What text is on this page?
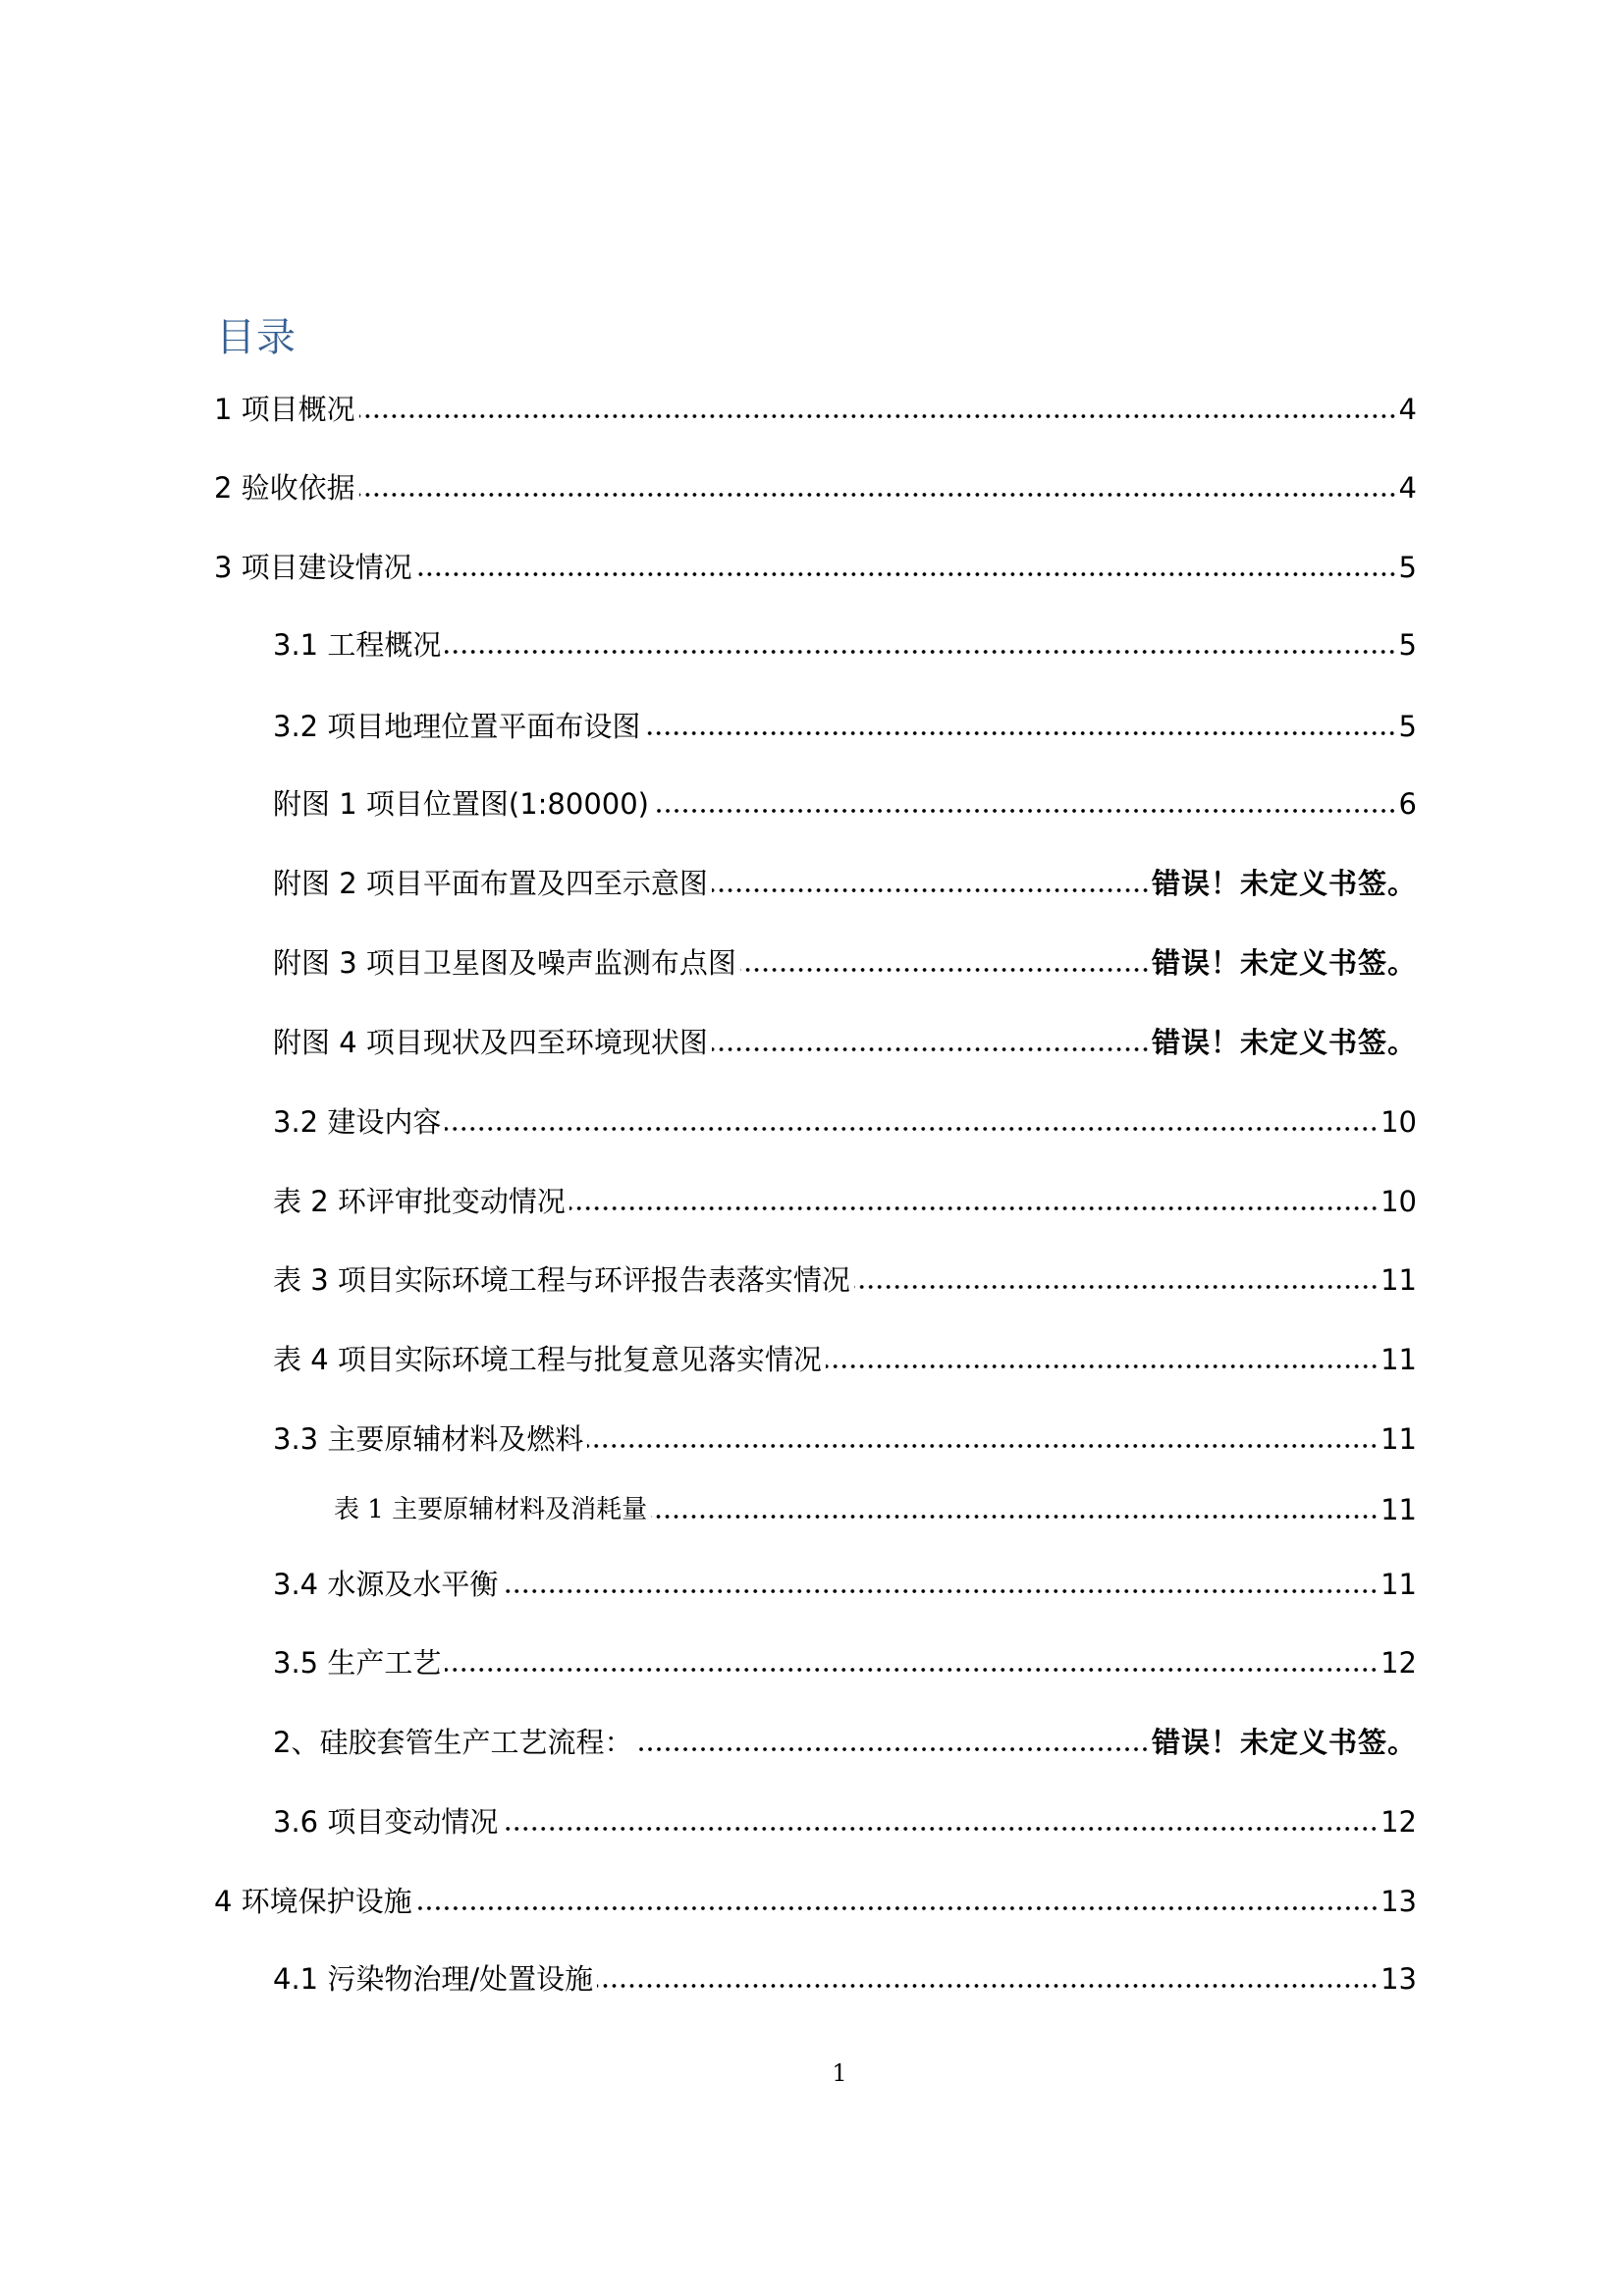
目录
1 项目概况	4
2 验收依据	4
3 项目建设情况	5
3.1 工程概况	5
3.2 项目地理位置平面布设图	5
附图 1 项目位置图(1:80000)	6
附图 2 项目平面布置及四至示意图	错误！未定义书签。
附图 3 项目卫星图及噪声监测布点图	错误！未定义书签。
附图 4 项目现状及四至环境现状图	错误！未定义书签。
3.2 建设内容	10
表 2 环评审批变动情况	10
表 3 项目实际环境工程与环评报告表落实情况	11
表 4 项目实际环境工程与批复意见落实情况	11
3.3 主要原辅材料及燃料	11
表 1 主要原辅材料及消耗量	11
3.4 水源及水平衡	11
3.5 生产工艺	12
2、硅胶套管生产工艺流程：	错误！未定义书签。
3.6 项目变动情况	12
4 环境保护设施	13
4.1 污染物治理/处置设施	13
1
